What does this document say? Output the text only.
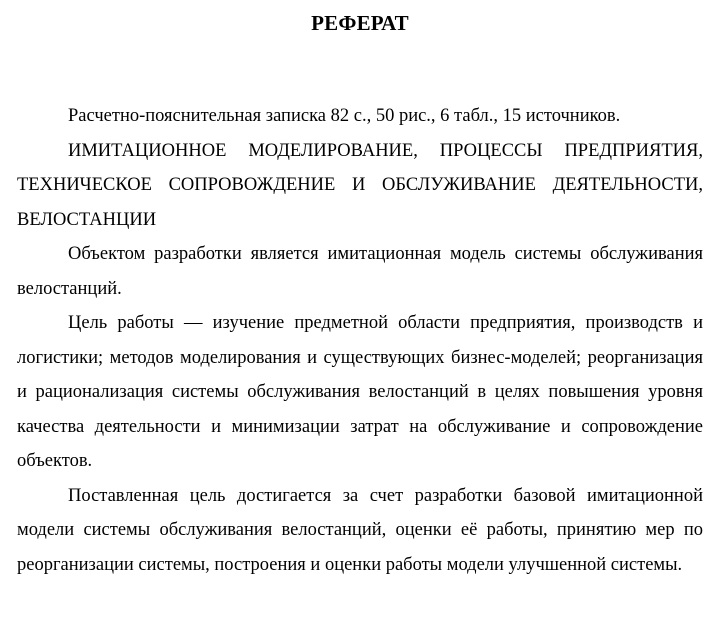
РЕФЕРАТ

Расчетно-пояснительная записка 82 с., 50 рис., 6 табл., 15 источников.

ИМИТАЦИОННОЕ МОДЕЛИРОВАНИЕ, ПРОЦЕССЫ ПРЕДПРИЯТИЯ, ТЕХНИЧЕСКОЕ СОПРОВОЖДЕНИЕ И ОБСЛУЖИВАНИЕ ДЕЯТЕЛЬНОСТИ, ВЕЛОСТАНЦИИ

Объектом разработки является имитационная модель системы обслуживания велостанций.

Цель работы — изучение предметной области предприятия, производств и логистики; методов моделирования и существующих бизнес-моделей; реорганизация и рационализация системы обслуживания велостанций в целях повышения уровня качества деятельности и минимизации затрат на обслуживание и сопровождение объектов.

Поставленная цель достигается за счет разработки базовой имитационной модели системы обслуживания велостанций, оценки её работы, принятию мер по реорганизации системы, построения и оценки работы модели улучшенной системы.
